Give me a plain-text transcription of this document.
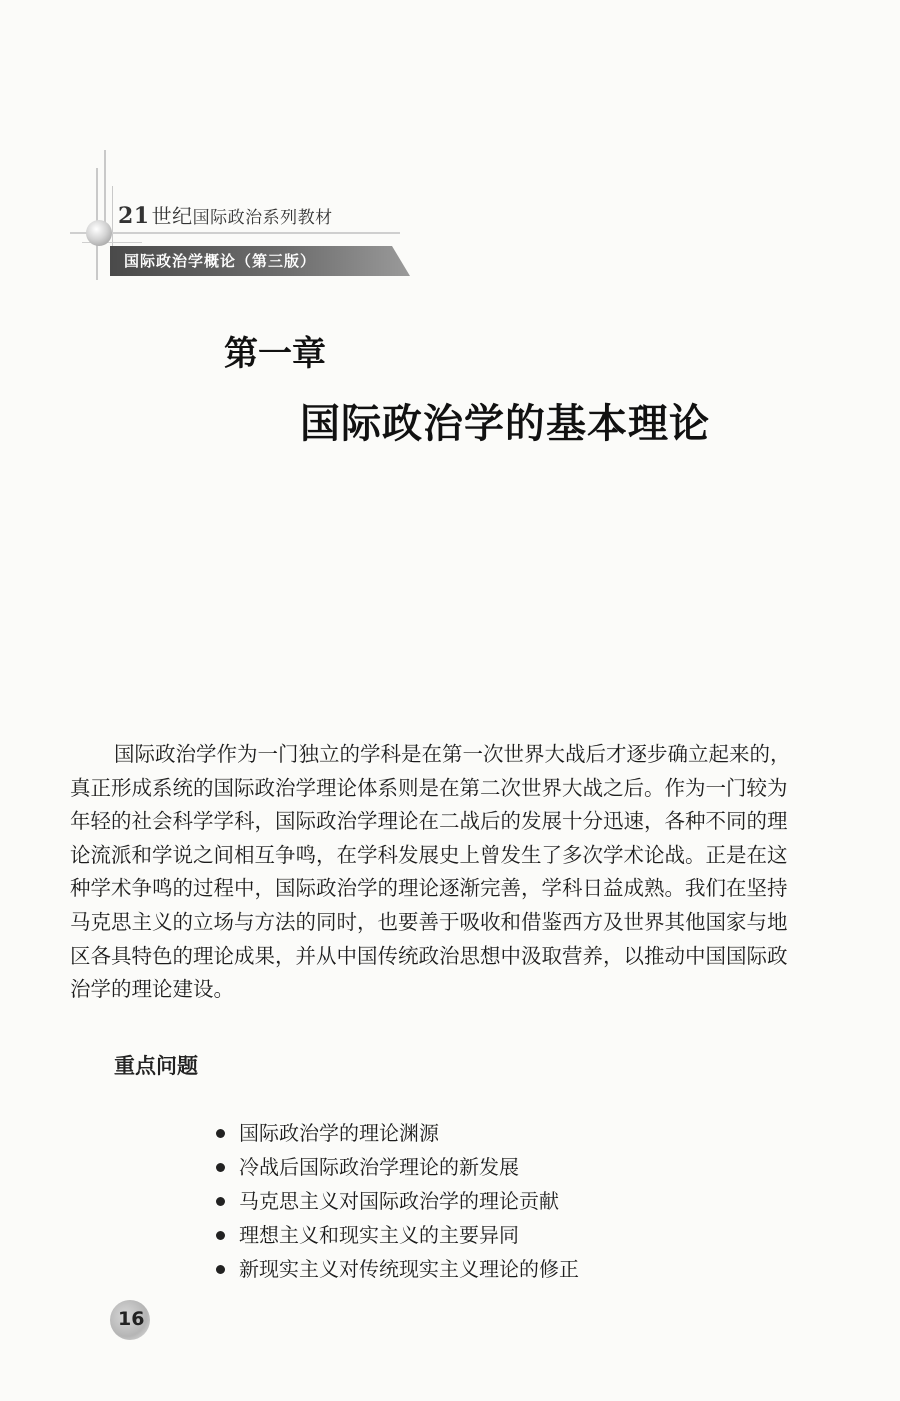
21 世纪国际政治系列教材
国际政治学概论（第三版）
第一章
国际政治学的基本理论
国际政治学作为一门独立的学科是在第一次世界大战后才逐步确立起来的，
真正形成系统的国际政治学理论体系则是在第二次世界大战之后。作为一门较为
年轻的社会科学学科，国际政治学理论在二战后的发展十分迅速，各种不同的理
论流派和学说之间相互争鸣，在学科发展史上曾发生了多次学术论战。正是在这
种学术争鸣的过程中，国际政治学的理论逐渐完善，学科日益成熟。我们在坚持
马克思主义的立场与方法的同时，也要善于吸收和借鉴西方及世界其他国家与地
区各具特色的理论成果，并从中国传统政治思想中汲取营养，以推动中国国际政
治学的理论建设。
重点问题
国际政治学的理论渊源
冷战后国际政治学理论的新发展
马克思主义对国际政治学的理论贡献
理想主义和现实主义的主要异同
新现实主义对传统现实主义理论的修正
16
